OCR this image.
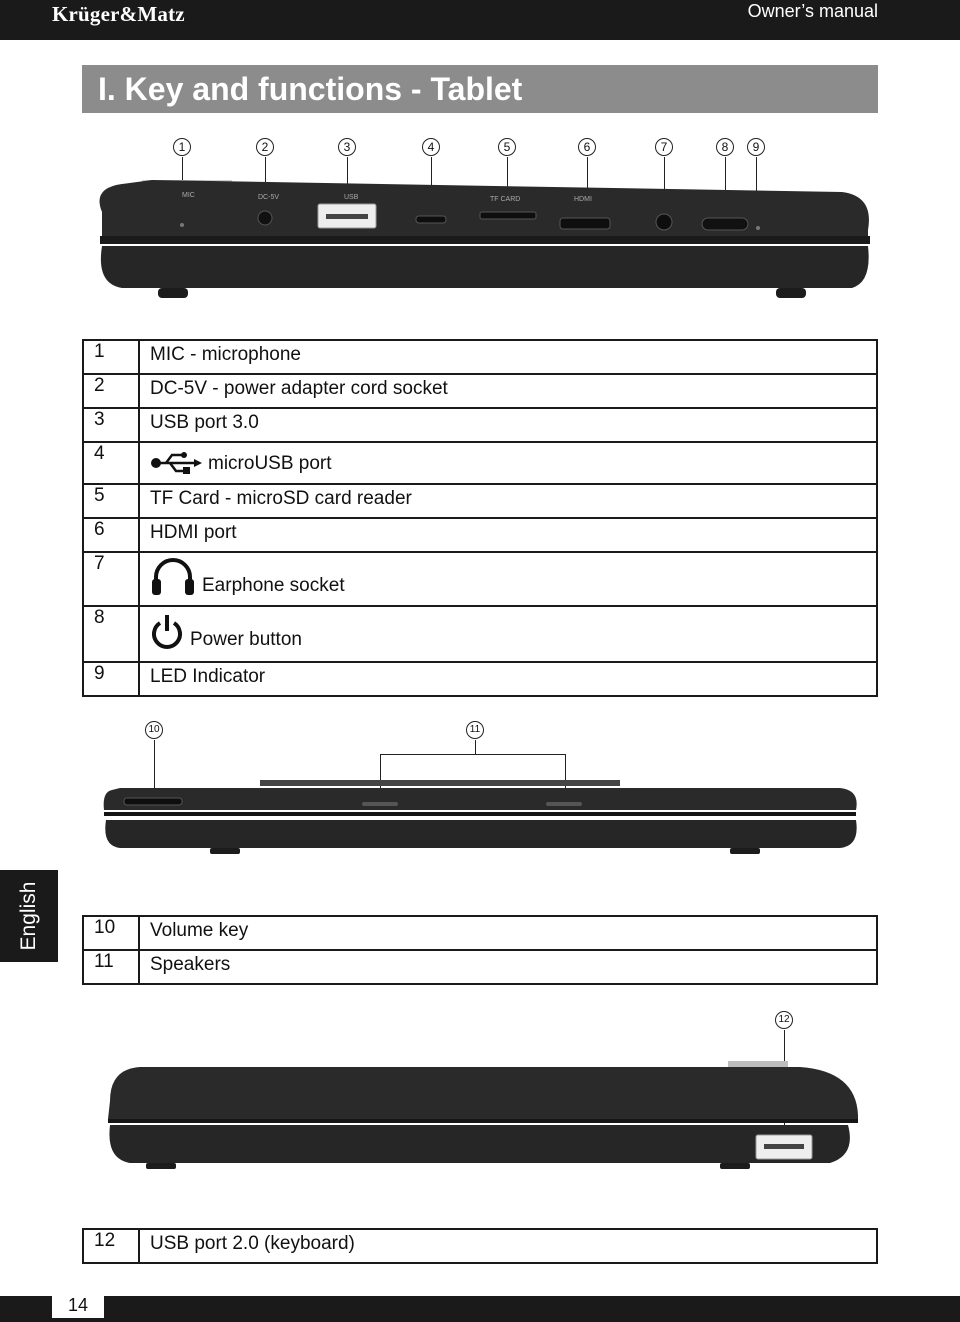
Krüger&Matz	Owner’s manual
I. Key and functions - Tablet
1	2	3	4	5	6	7	8	9
MIC	DC-5V	USB	TF CARD	HDMI
1	MIC - microphone
2	DC-5V - power adapter cord socket
3	USB port 3.0
4	microUSB port
5	TF Card - microSD card reader
6	HDMI port
7	Earphone socket
8	Power button
9	LED Indicator
10	11
English	10	Volume key
11	Speakers
12
12	USB port 2.0 (keyboard)
14
